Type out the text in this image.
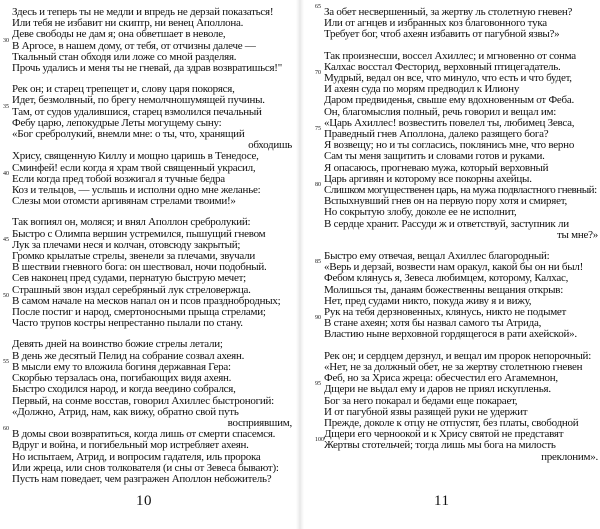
Здесь и теперь ты не медли и впредь не дерзай показаться!
Или тебя не избавит ни скиптр, ни венец Аполлона.
Деве свободы не дам я; она обветшает в неволе,
30 В Аргосе, в нашем дому, от тебя, от отчизны далече —
Ткальный стан обходя или ложе со мной разделяя.
Прочь удались и меня ты не гневай, да здрав возвратишься!"
Рек он; и старец трепещет и, слову царя покоряся,
Идет, безмолвный, по брегу немолчношумящей пучины.
35 Там, от судов удалившися, старец взмолился печальный
Фебу царю, лепокудрые Леты могущему сыну:
«Бог сребролукий, внемли мне: о ты, что, хранящий
обходишь
Хрису, священную Киллу и мощно царишь в Тенедосе,
Сминфей! если когда я храм твой священный украсил,
40 Если когда пред тобой возжигал я тучные бедра
Коз и тельцов, — услышь и исполни одно мне желанье:
Слезы мои отомсти аргивянам стрелами твоими!»
Так вопиял он, моляся; и внял Аполлон сребролукий:
Быстро с Олимпа вершин устремился, пышущий гневом
45 Лук за плечами неся и колчан, отовсюду закрытый;
Громко крылатые стрелы, звенели за плечами, звучали
В шествии гневного бога: он шествовал, ночи подобный.
Сев наконец пред судами, пернатую быструю мечет;
Страшный звон издал серебряный лук стреловержца.
50 В самом начале на месков напал он и псов празднобродных;
После постиг и народ, смертоносными прыща стрелами;
Часто трупов костры непрестанно пылали по стану.
Девять дней на воинство божие стрелы летали;
В день же десятый Пелид на собрание созвал ахеян.
55 В мысли ему то вложила богиня державная Гера:
Скорбью терзалась она, погибающих видя ахеян.
Быстро сходился народ, и когда веедино собрался,
Первый, на сонме восстав, говорил Ахиллес быстроногий:
«Должно, Атрид, нам, как вижу, обратно свой путь
восприявшим,
60 В домы свои возвратиться, когда лишь от смерти спасемся.
Вдруг и война, и погибельный мор истребляет ахеян.
Но испытаем, Атрид, и вопросим гадателя, иль пророка
Или жреца, или снов толкователя (и сны от Зевеса бывают):
Пусть нам поведает, чем разгражен Аполлон небожитель?
10
65 За обет несвершенный, за жертву ль столетную гневен?
Или от агнцев и избранных коз благовонного тука
Требует бог, чтоб ахеян избавить от пагубной язвы?»
Так произнесши, воссел Ахиллес; и мгновенно от сонма
Калхас восстал Фесторид, верховный птицегадатель.
70 Мудрый, ведал он все, что минуло, что есть и что будет,
И ахеян суда по морям предводил к Илиону
Даром предвиденья, свыше ему вдохновенным от Феба.
Он, благомыслия полный, речь говорил и вещал им:
«Царь Ахиллес! возвестить повелел ты, любимец Зевса,
75 Праведный гнев Аполлона, далеко разящего бога?
Я возвещу; но и ты согласись, поклянись мне, что верно
Сам ты меня защитить и словами готов и руками.
Я опасаюсь, прогневаю мужа, который верховный
Царь аргивян и которому все покорны ахейцы.
80 Слишком могущественен царь, на мужа подвластного гневный:
Вспыхнувший гнев он на первую пору хотя и смиряет,
Но сокрытую злобу, доколе ее не исполнит,
В сердце хранит. Рассуди ж и ответствуй, заступник ли
ты мне?»
Быстро ему отвечая, вещал Ахиллес благородный:
85 «Верь и дерзай, возвести нам оракул, какой бы он ни был!
Фебом клянусь я, Зевеса любимцем, которому, Калхас,
Молишься ты, данаям божественны вещания открыв:
Нет, пред судами никто, покуда живу я и вижу,
Рук на тебя дерзновенных, клянусь, никто не подымет
90 В стане ахеян; хотя бы назвал самого ты Атрида,
Властию ныне верховной гордящегося в рати ахейской».
Рек он; и сердцем дерзнул, и вещал им пророк непорочный:
«Нет, не за должный обет, не за жертву столетнюю гневен
Феб, но за Хриса жреца: обесчестил его Агамемнон,
95 Дщери не выдал ему и даров не приял искупленья.
Бог за него покарал и бедами еще покарает,
И от пагубной язвы разящей руки не удержит
Прежде, доколе к отцу не отпустят, без платы, свободной
Дщери его черноокой и к Хрису святой не представят
100 Жертвы стотельчей; тогда лишь мы бога на милость
преклоним».
11
